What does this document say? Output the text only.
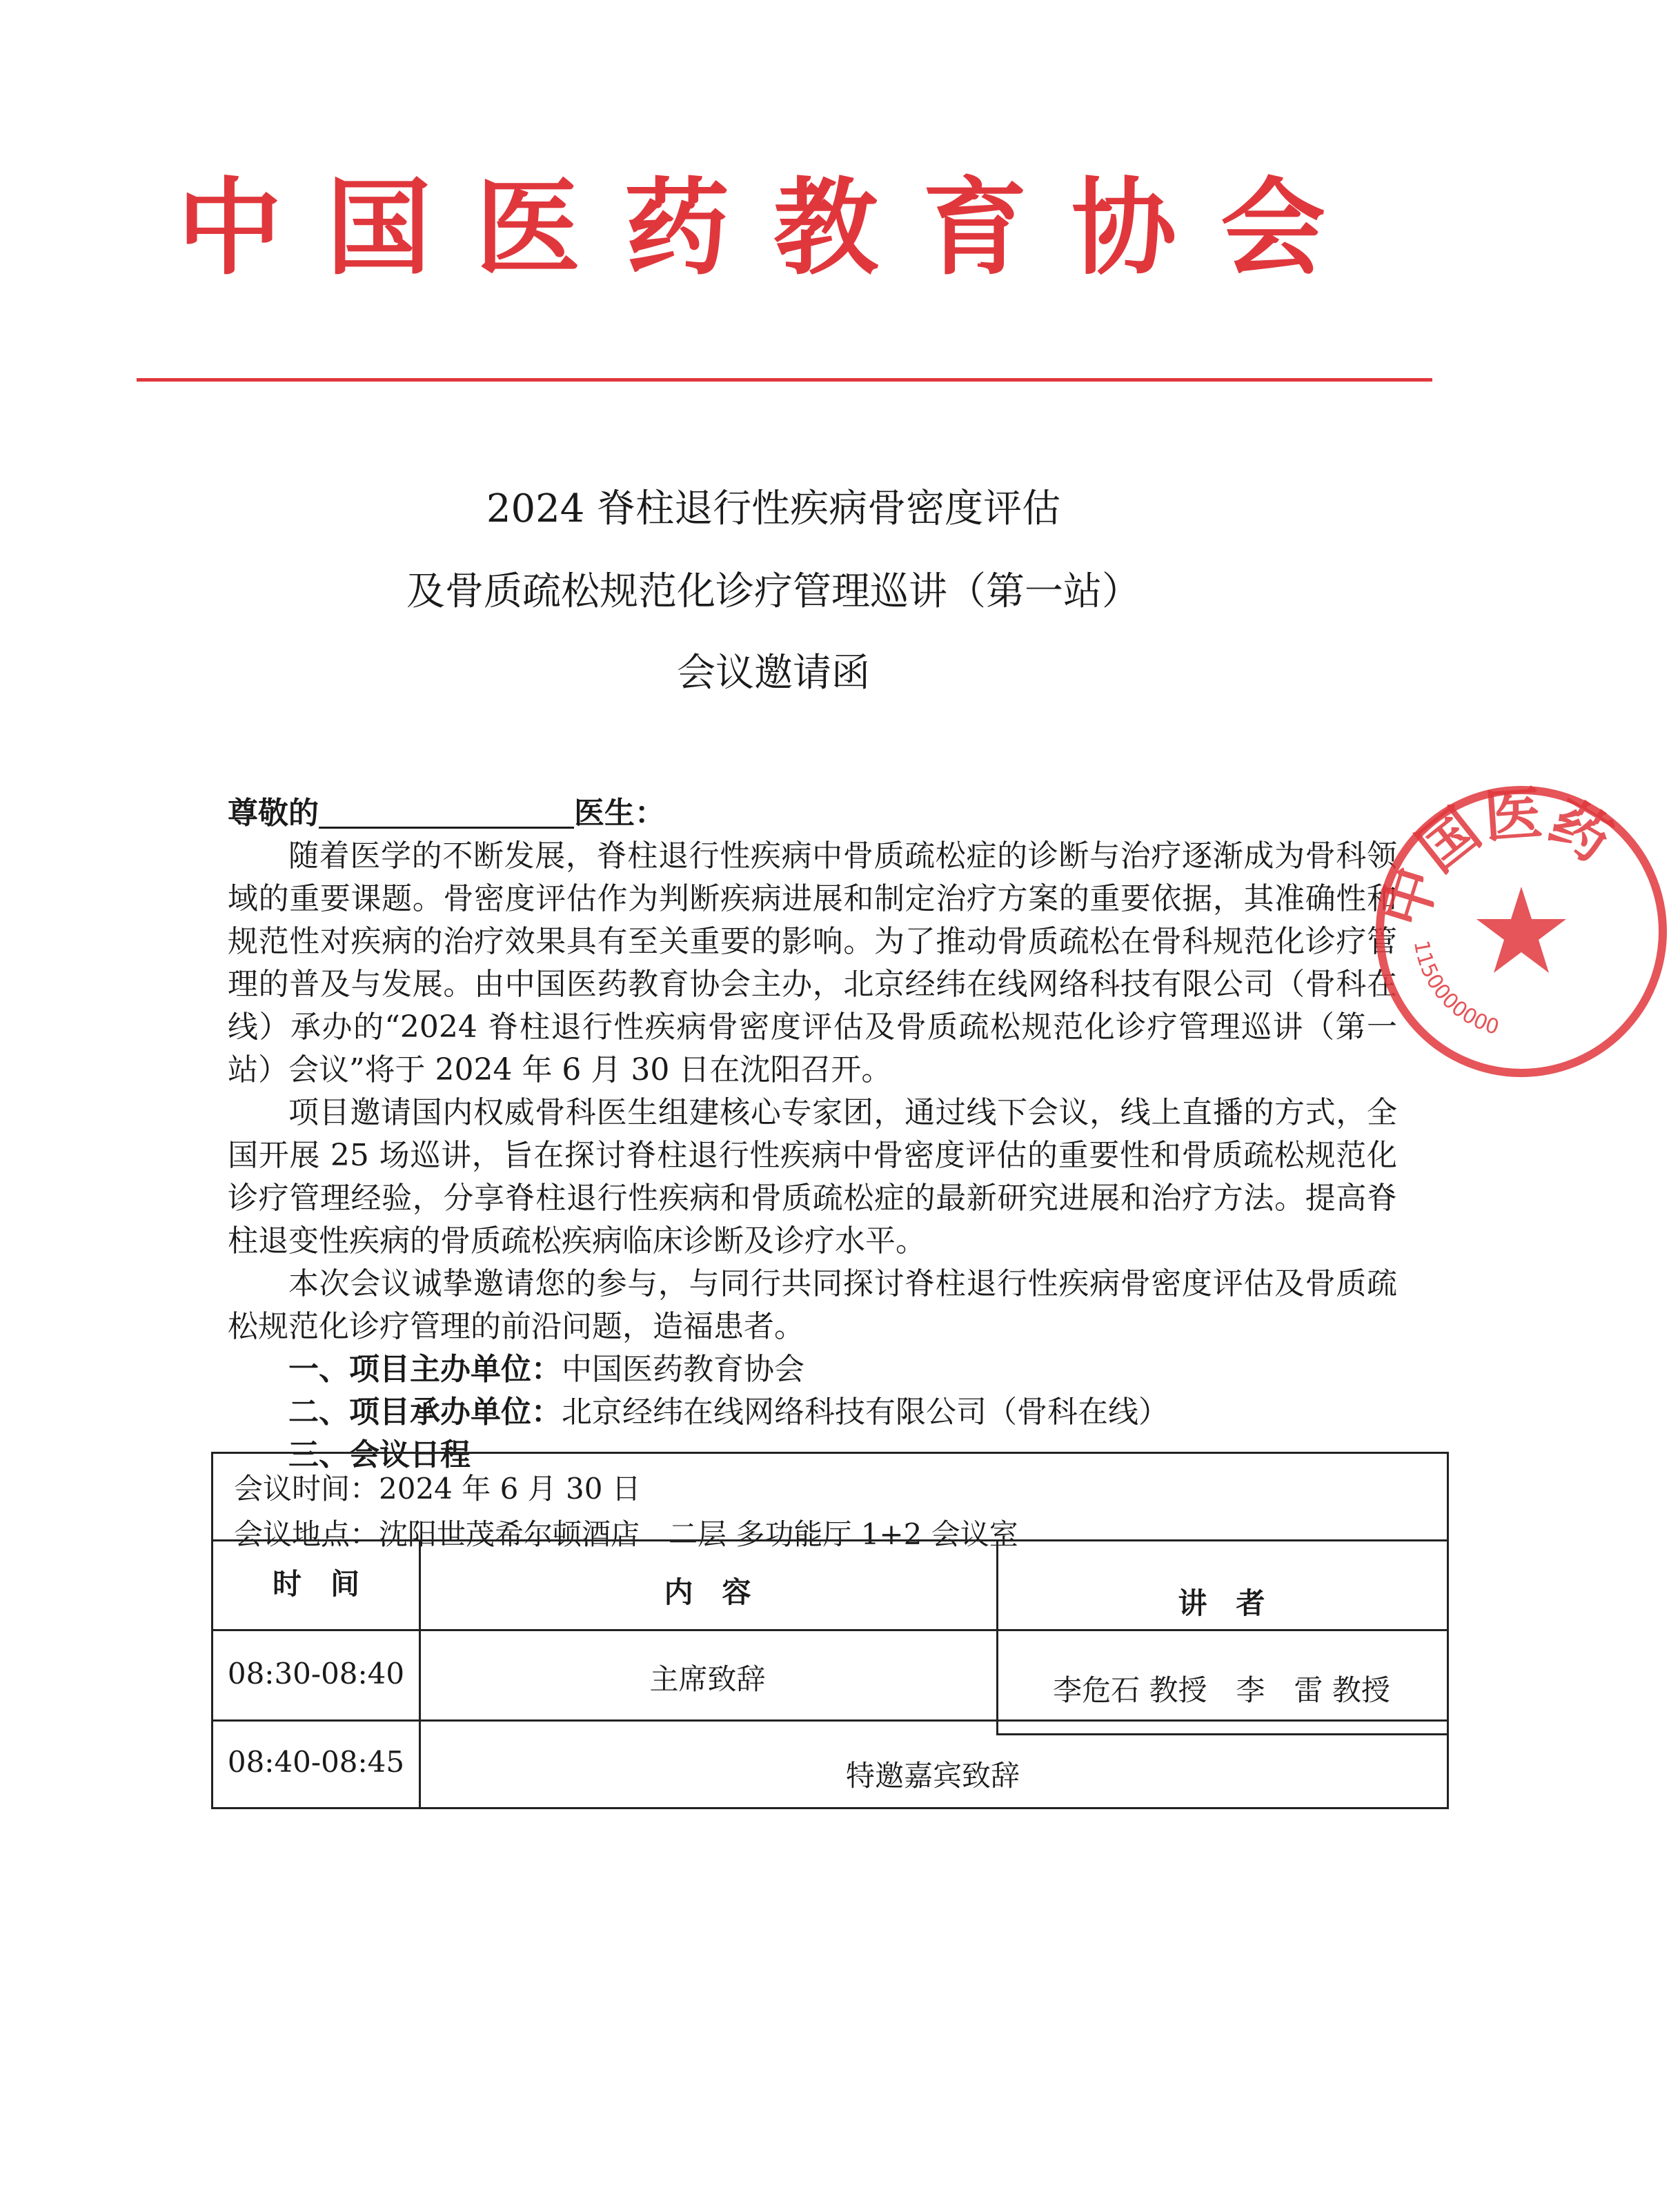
中国医药教育协会
2024 脊柱退行性疾病骨密度评估
及骨质疏松规范化诊疗管理巡讲（第一站）
会议邀请函

尊敬的	医生：

随着医学的不断发展，脊柱退行性疾病中骨质疏松症的诊断与治疗逐渐成为骨科领域的重要课题。骨密度评估作为判断疾病进展和制定治疗方案的重要依据，其准确性和规范性对疾病的治疗效果具有至关重要的影响。为了推动骨质疏松在骨科规范化诊疗管理的普及与发展。由中国医药教育协会主办，北京经纬在线网络科技有限公司（骨科在线）承办的“2024 脊柱退行性疾病骨密度评估及骨质疏松规范化诊疗管理巡讲（第一站）会议”将于 2024 年 6 月 30 日在沈阳召开。

项目邀请国内权威骨科医生组建核心专家团，通过线下会议，线上直播的方式，全国开展 25 场巡讲，旨在探讨脊柱退行性疾病中骨密度评估的重要性和骨质疏松规范化诊疗管理经验，分享脊柱退行性疾病和骨质疏松症的最新研究进展和治疗方法。提高脊柱退变性疾病的骨质疏松疾病临床诊断及诊疗水平。

本次会议诚挚邀请您的参与，与同行共同探讨脊柱退行性疾病骨密度评估及骨质疏松规范化诊疗管理的前沿问题，造福患者。

一、项目主办单位：中国医药教育协会

二、项目承办单位：北京经纬在线网络科技有限公司（骨科在线）

三、会议日程

会议时间：2024 年 6 月 30 日
会议地点：沈阳世茂希尔顿酒店　二层 多功能厅 1+2 会议室
时　间	内　容	讲　者
08:30-08:40	主席致辞	李危石 教授　李　雷 教授
08:40-08:45	特邀嘉宾致辞
中国医药
1150000000
